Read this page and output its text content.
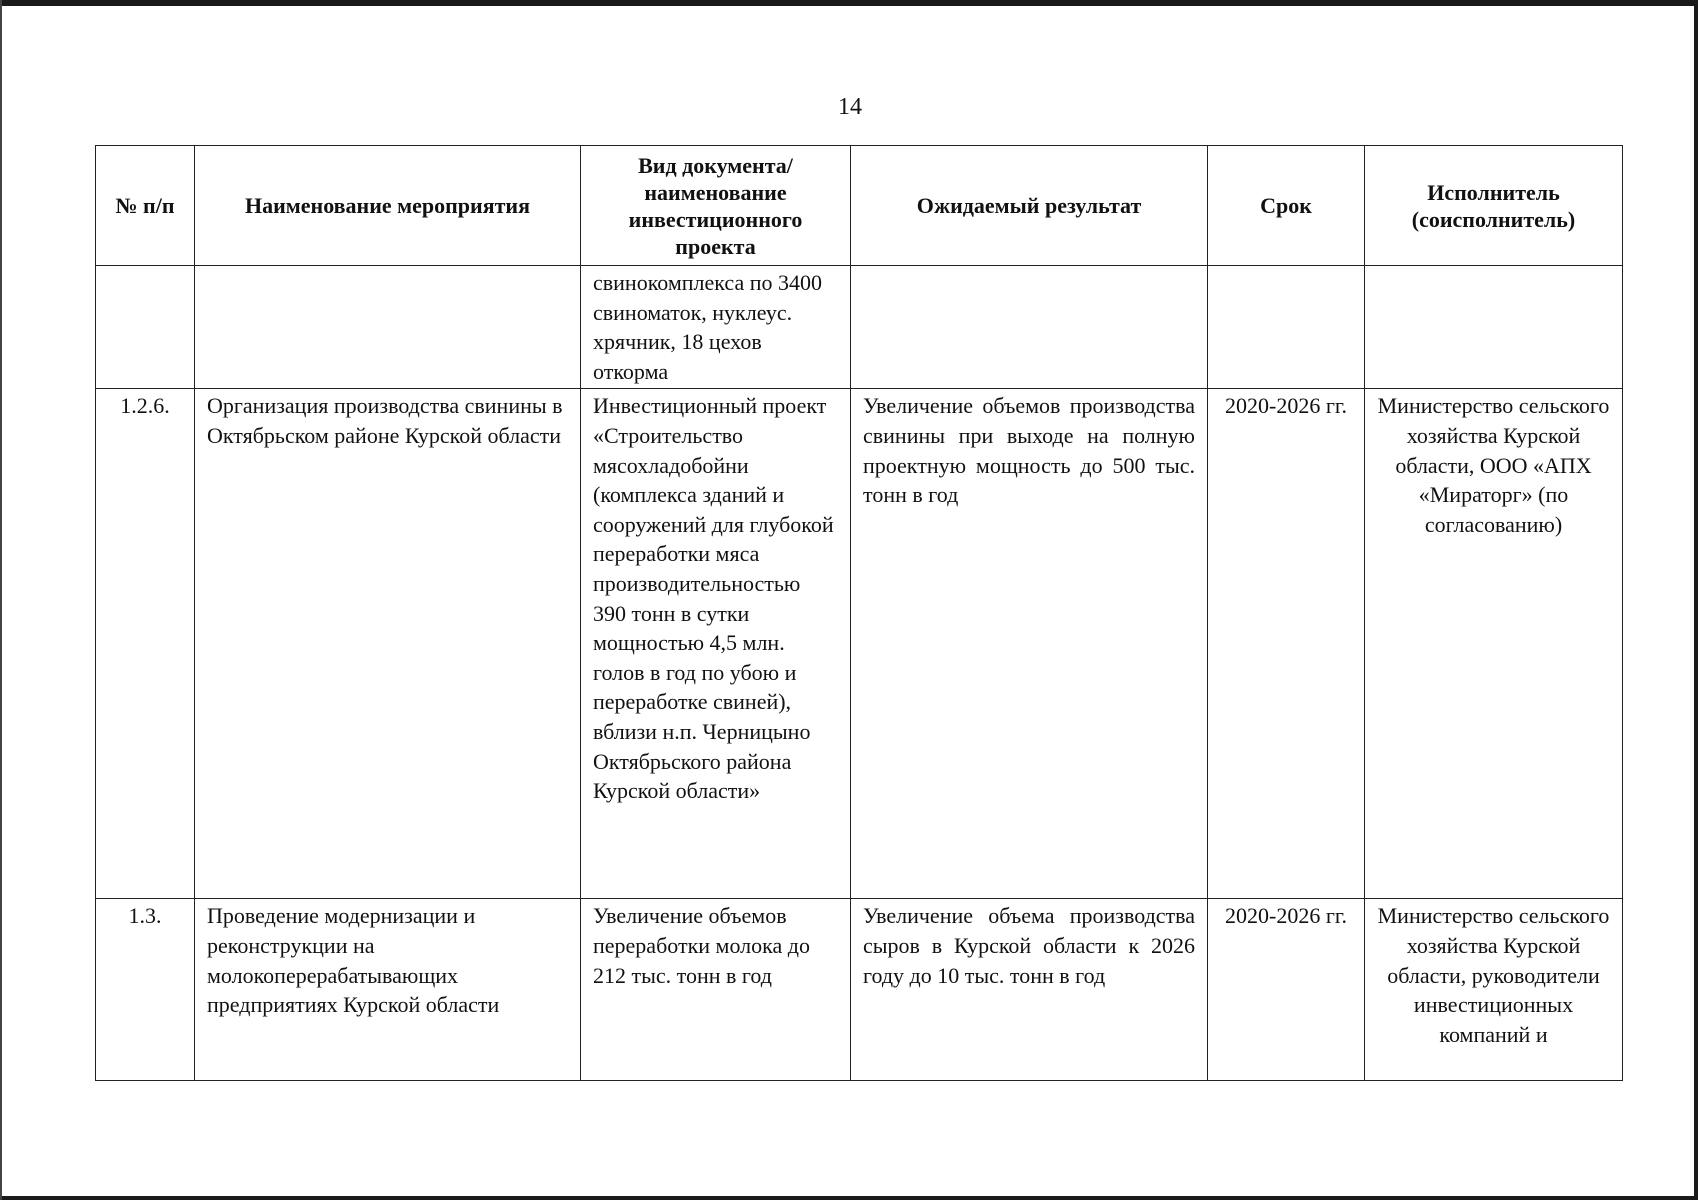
14
№ п/п	Наименование мероприятия	Вид документа/ наименование инвестиционного проекта	Ожидаемый результат	Срок	Исполнитель (соисполнитель)
		свинокомплекса по 3400 свиноматок, нуклеус. хрячник, 18 цехов откорма			
1.2.6.	Организация производства свинины в Октябрьском районе Курской области	Инвестиционный проект «Строительство мясохладобойни (комплекса зданий и сооружений для глубокой переработки мяса производительностью 390 тонн в сутки мощностью 4,5 млн. голов в год по убою и переработке свиней), вблизи н.п. Черницыно Октябрьского района Курской области»	Увеличение объемов производства свинины при выходе на полную проектную мощность до 500 тыс. тонн в год	2020-2026 гг.	Министерство сельского хозяйства Курской области, ООО «АПХ «Мираторг» (по согласованию)
1.3.	Проведение модернизации и реконструкции на молокоперерабатывающих предприятиях Курской области	Увеличение объемов переработки молока до 212 тыс. тонн в год	Увеличение объема производства сыров в Курской области к 2026 году до 10 тыс. тонн в год	2020-2026 гг.	Министерство сельского хозяйства Курской области, руководители инвестиционных компаний и
